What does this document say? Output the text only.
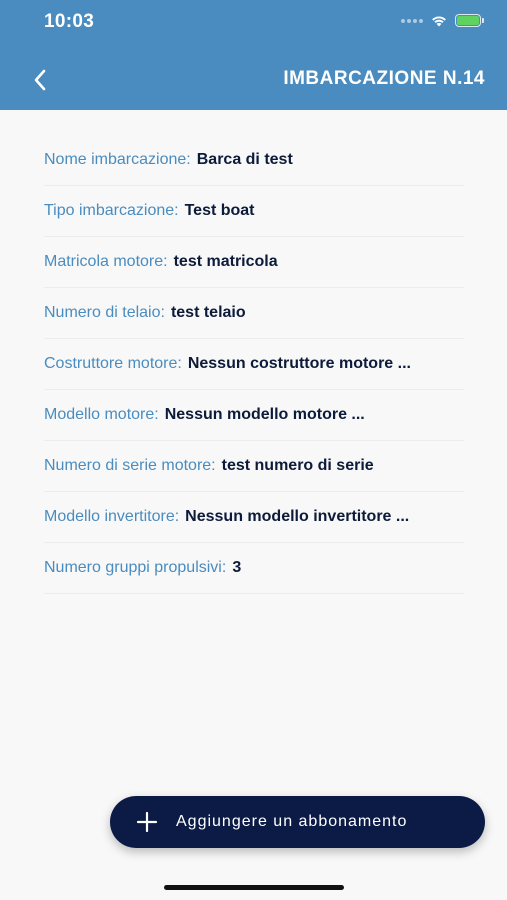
10:03
IMBARCAZIONE N.14
Nome imbarcazione: Barca di test
Tipo imbarcazione: Test boat
Matricola motore: test matricola
Numero di telaio: test telaio
Costruttore motore: Nessun costruttore motore ...
Modello motore: Nessun modello motore ...
Numero di serie motore: test numero di serie
Modello invertitore: Nessun modello invertitore ...
Numero gruppi propulsivi: 3
Aggiungere un abbonamento
